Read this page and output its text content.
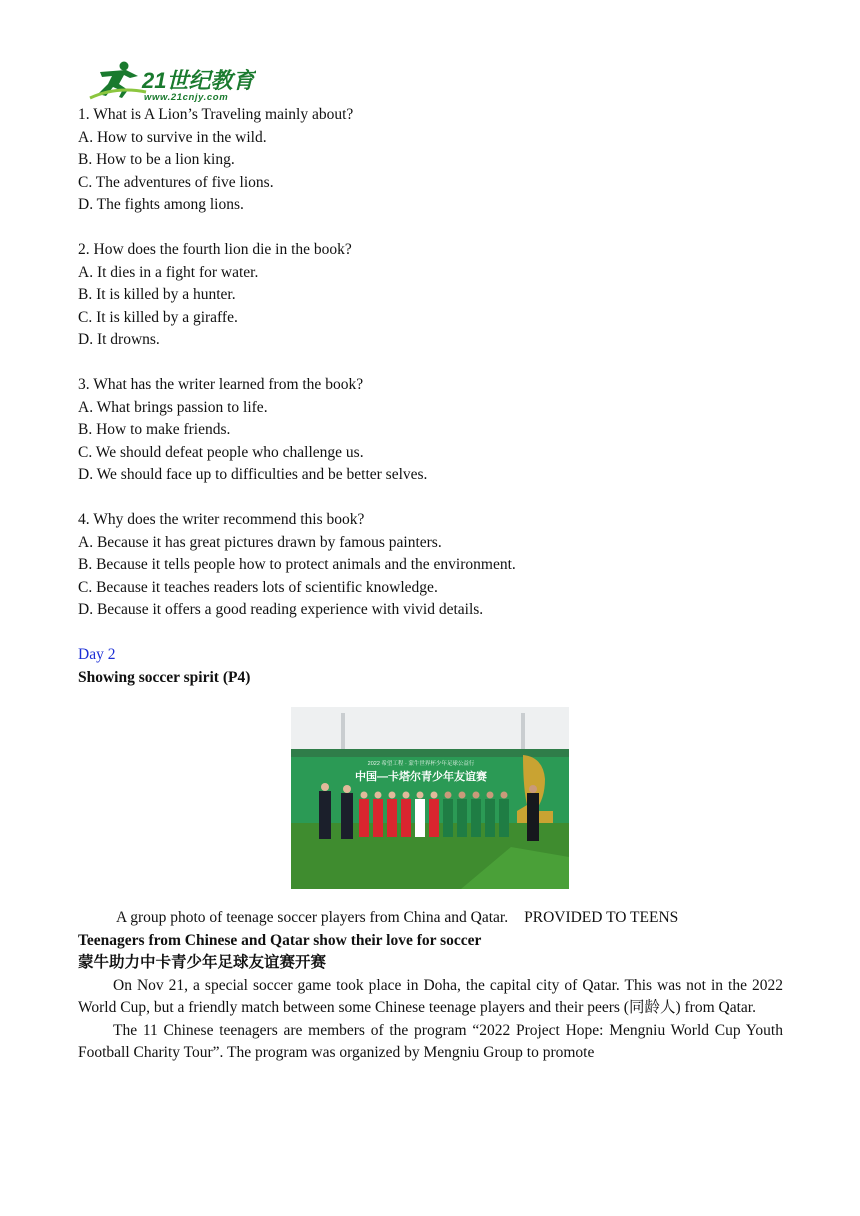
21世纪教育
www.21cnjy.com
1. What is A Lion’s Traveling mainly about?
A. How to survive in the wild.
B. How to be a lion king.
C. The adventures of five lions.
D. The fights among lions.
2. How does the fourth lion die in the book?
A. It dies in a fight for water.
B. It is killed by a hunter.
C. It is killed by a giraffe.
D. It drowns.
3. What has the writer learned from the book?
A. What brings passion to life.
B. How to make friends.
C. We should defeat people who challenge us.
D. We should face up to difficulties and be better selves.
4. Why does the writer recommend this book?
A. Because it has great pictures drawn by famous painters.
B. Because it tells people how to protect animals and the environment.
C. Because it teaches readers lots of scientific knowledge.
D. Because it offers a good reading experience with vivid details.
Day 2
Showing soccer spirit (P4)
2022 希望工程 · 蒙牛世界杯少年足球公益行
中国—卡塔尔青少年友谊赛
A group photo of teenage soccer players from China and Qatar. PROVIDED TO TEENS
Teenagers from Chinese and Qatar show their love for soccer
蒙牛助力中卡青少年足球友谊赛开赛
On Nov 21, a special soccer game took place in Doha, the capital city of Qatar. This was not in the 2022 World Cup, but a friendly match between some Chinese teenage players and their peers (同龄人) from Qatar.
The 11 Chinese teenagers are members of the program “2022 Project Hope: Mengniu World Cup Youth Football Charity Tour”. The program was organized by Mengniu Group to promote
